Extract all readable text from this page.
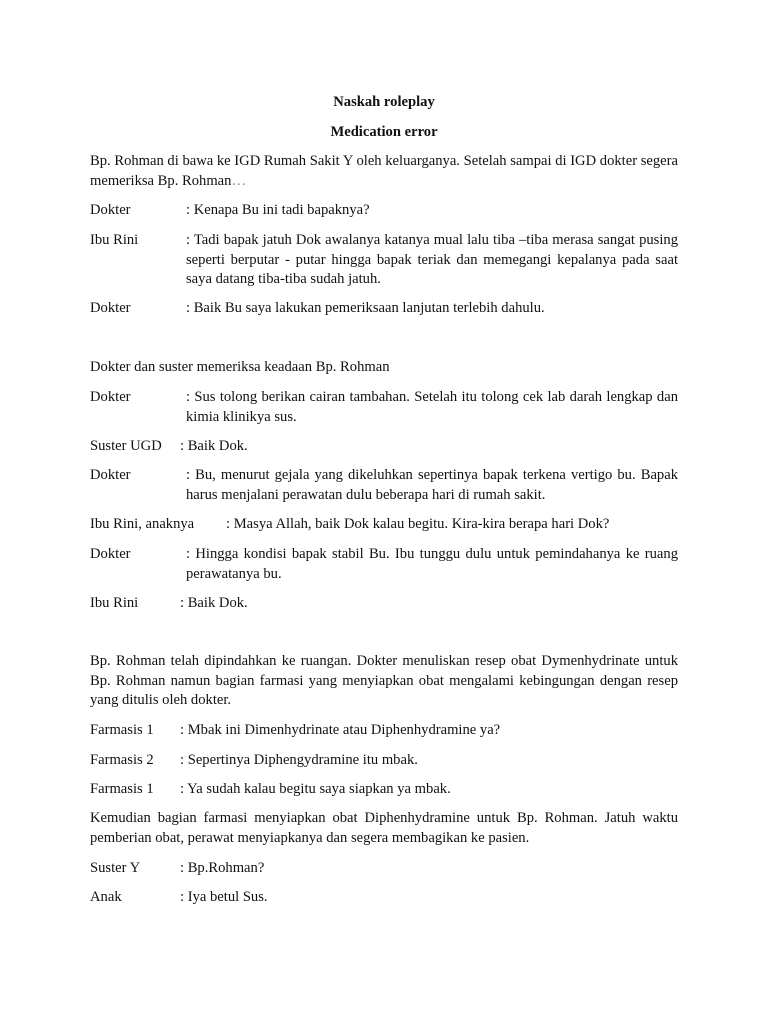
Naskah roleplay
Medication error

Bp. Rohman di bawa ke IGD Rumah Sakit Y oleh keluarganya. Setelah sampai di IGD dokter segera memeriksa Bp. Rohman…

Dokter	: Kenapa Bu ini tadi bapaknya?
Ibu Rini	: Tadi bapak jatuh Dok awalanya katanya mual lalu tiba –tiba merasa sangat pusing seperti berputar - putar hingga bapak teriak dan memegangi kepalanya pada saat saya datang tiba-tiba sudah jatuh.
Dokter	: Baik Bu saya lakukan pemeriksaan lanjutan terlebih dahulu.

Dokter dan suster memeriksa keadaan Bp. Rohman

Dokter	: Sus tolong berikan cairan tambahan. Setelah itu tolong cek lab darah lengkap dan kimia klinikya sus.
Suster UGD	: Baik Dok.
Dokter	: Bu, menurut gejala yang dikeluhkan sepertinya bapak terkena vertigo bu. Bapak harus menjalani perawatan dulu beberapa hari di rumah sakit.
Ibu Rini, anaknya	: Masya Allah, baik Dok kalau begitu. Kira-kira berapa hari Dok?
Dokter	: Hingga kondisi bapak stabil Bu. Ibu tunggu dulu untuk pemindahanya ke ruang perawatanya bu.
Ibu Rini	: Baik Dok.

Bp. Rohman telah dipindahkan ke ruangan. Dokter menuliskan resep obat Dymenhydrinate untuk Bp. Rohman namun bagian farmasi yang menyiapkan obat mengalami kebingungan dengan resep yang ditulis oleh dokter.

Farmasis 1	: Mbak ini Dimenhydrinate atau Diphenhydramine ya?
Farmasis 2	: Sepertinya Diphengydramine itu mbak.
Farmasis 1	: Ya sudah kalau begitu saya siapkan ya mbak.

Kemudian bagian farmasi menyiapkan obat Diphenhydramine untuk Bp. Rohman. Jatuh waktu pemberian obat, perawat menyiapkanya dan segera membagikan ke pasien.

Suster Y	: Bp.Rohman?
Anak	: Iya betul Sus.
